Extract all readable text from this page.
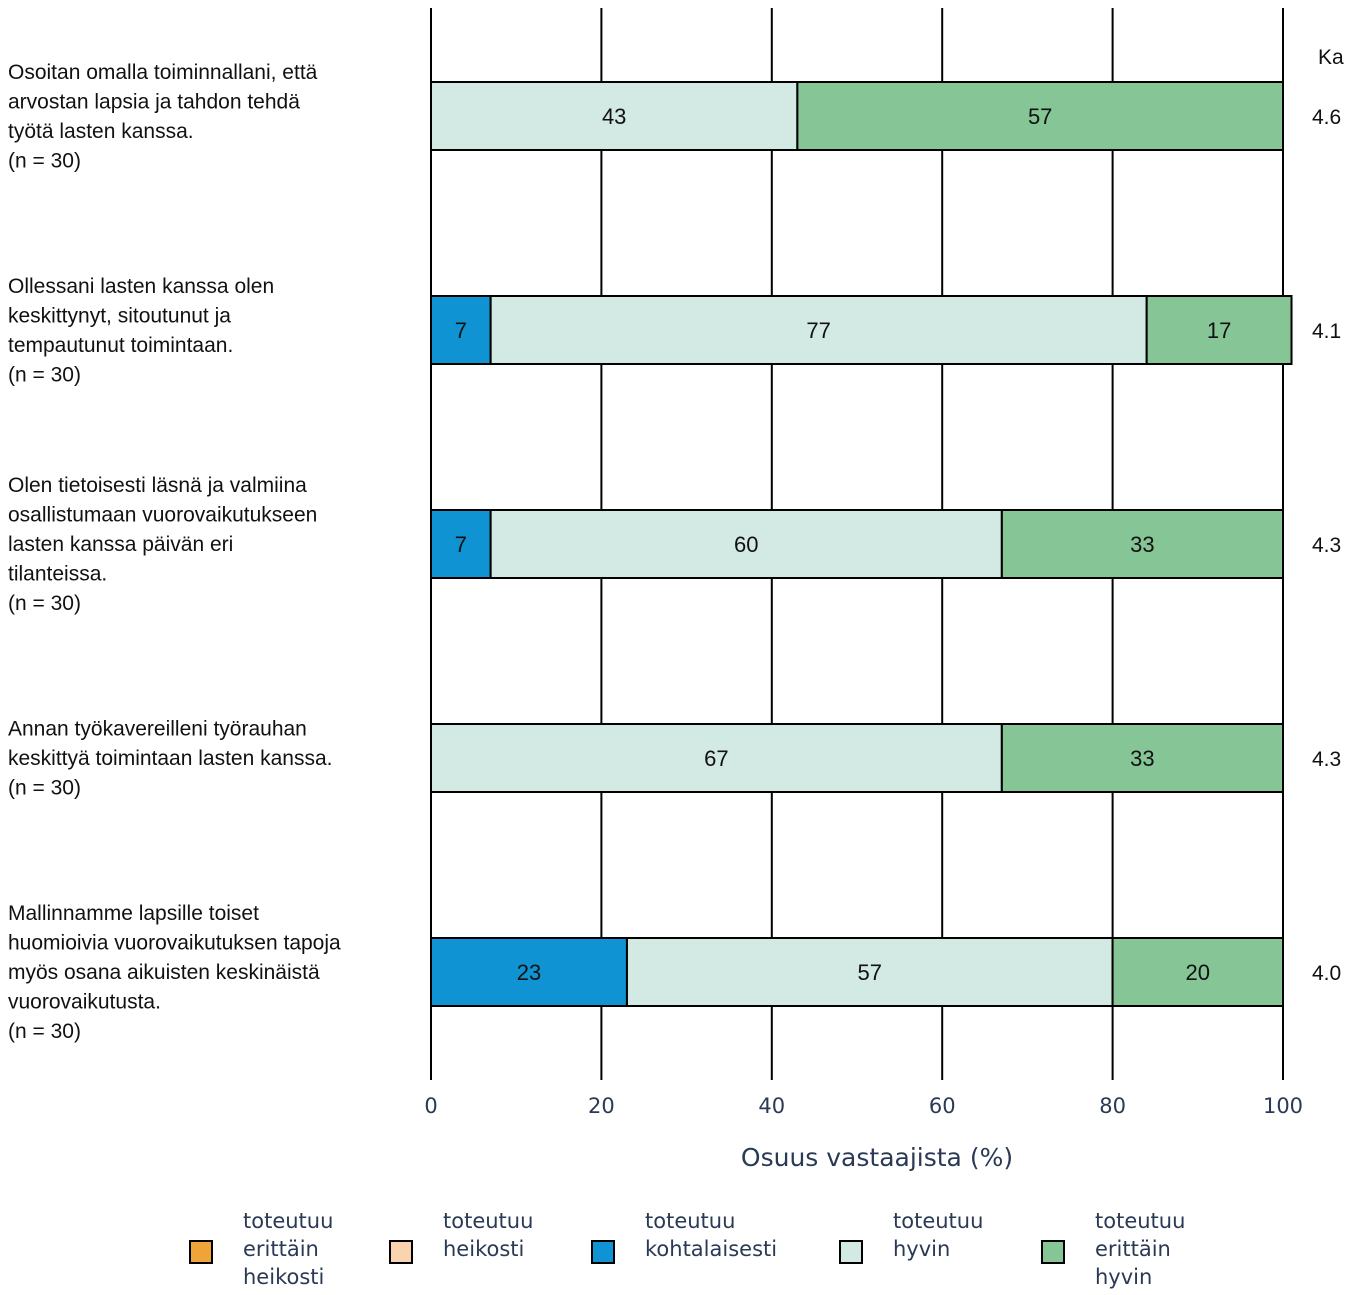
43	57
7	77	17
7	60	33
67	33
23	57	20
Osoitan omalla toiminnallani, että arvostan lapsia ja tahdon tehdä työtä lasten kanssa. (n = 30)
Ollessani lasten kanssa olen keskittynyt, sitoutunut ja tempautunut toimintaan. (n = 30)
Olen tietoisesti läsnä ja valmiina osallistumaan vuorovaikutukseen lasten kanssa päivän eri tilanteissa. (n = 30)
Annan työkavereilleni työrauhan keskittyä toimintaan lasten kanssa. (n = 30)
Mallinnamme lapsille toiset huomioivia vuorovaikutuksen tapoja myös osana aikuisten keskinäistä vuorovaikutusta. (n = 30)
4.6
4.1
4.3
4.3
4.0
Ka
0	20	40	60	80	100
Osuus vastaajista (%)
toteutuu erittäin heikosti
toteutuu heikosti
toteutuu kohtalaisesti
toteutuu hyvin
toteutuu erittäin hyvin
